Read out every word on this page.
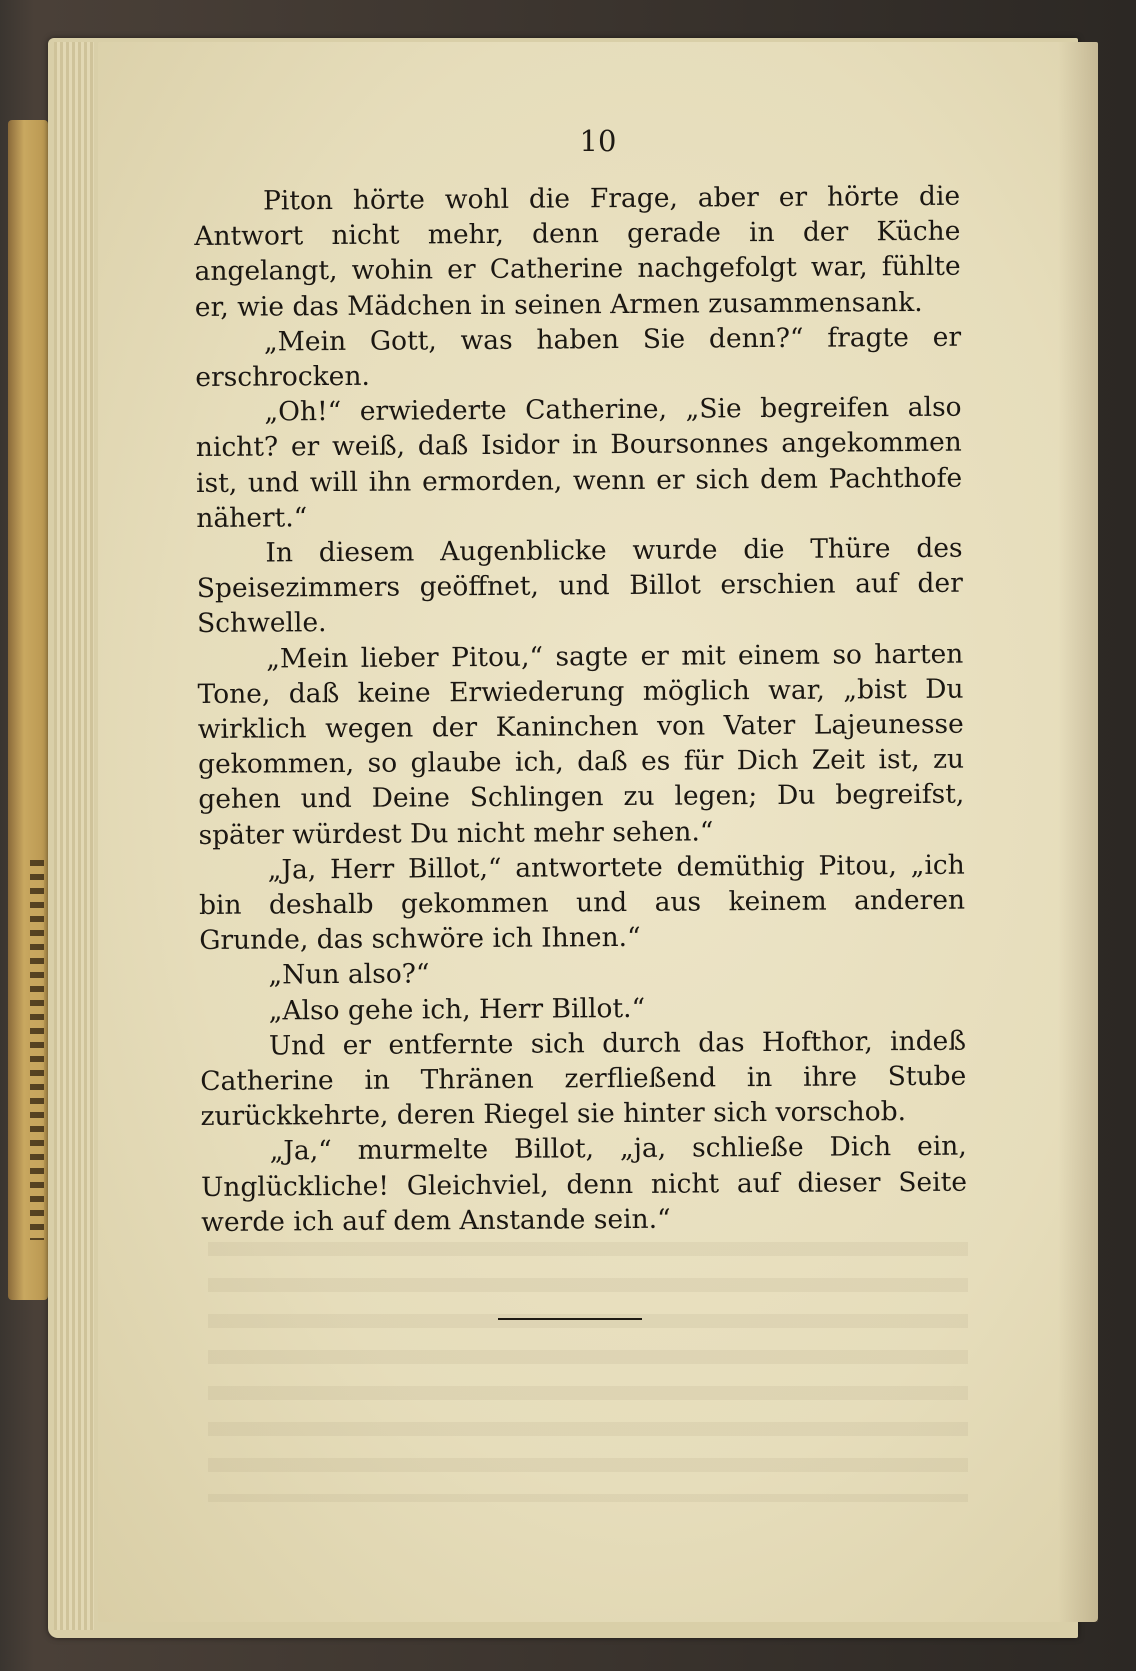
10

Piton hörte wohl die Frage, aber er hörte die Antwort nicht mehr, denn gerade in der Küche angelangt, wohin er Catherine nachgefolgt war, fühlte er, wie das Mädchen in seinen Armen zusammensank.

„Mein Gott, was haben Sie denn?“ fragte er erschrocken.

„Oh!“ erwiederte Catherine, „Sie begreifen also nicht? er weiß, daß Isidor in Boursonnes angekommen ist, und will ihn ermorden, wenn er sich dem Pachthofe nähert.“

In diesem Augenblicke wurde die Thüre des Speisezimmers geöffnet, und Billot erschien auf der Schwelle.

„Mein lieber Pitou,“ sagte er mit einem so harten Tone, daß keine Erwiederung möglich war, „bist Du wirklich wegen der Kaninchen von Vater Lajeunesse gekommen, so glaube ich, daß es für Dich Zeit ist, zu gehen und Deine Schlingen zu legen; Du begreifst, später würdest Du nicht mehr sehen.“

„Ja, Herr Billot,“ antwortete demüthig Pitou, „ich bin deshalb gekommen und aus keinem anderen Grunde, das schwöre ich Ihnen.“

„Nun also?“

„Also gehe ich, Herr Billot.“

Und er entfernte sich durch das Hofthor, indeß Catherine in Thränen zerfließend in ihre Stube zurückkehrte, deren Riegel sie hinter sich vorschob.

„Ja,“ murmelte Billot, „ja, schließe Dich ein, Unglückliche! Gleichviel, denn nicht auf dieser Seite werde ich auf dem Anstande sein.“
